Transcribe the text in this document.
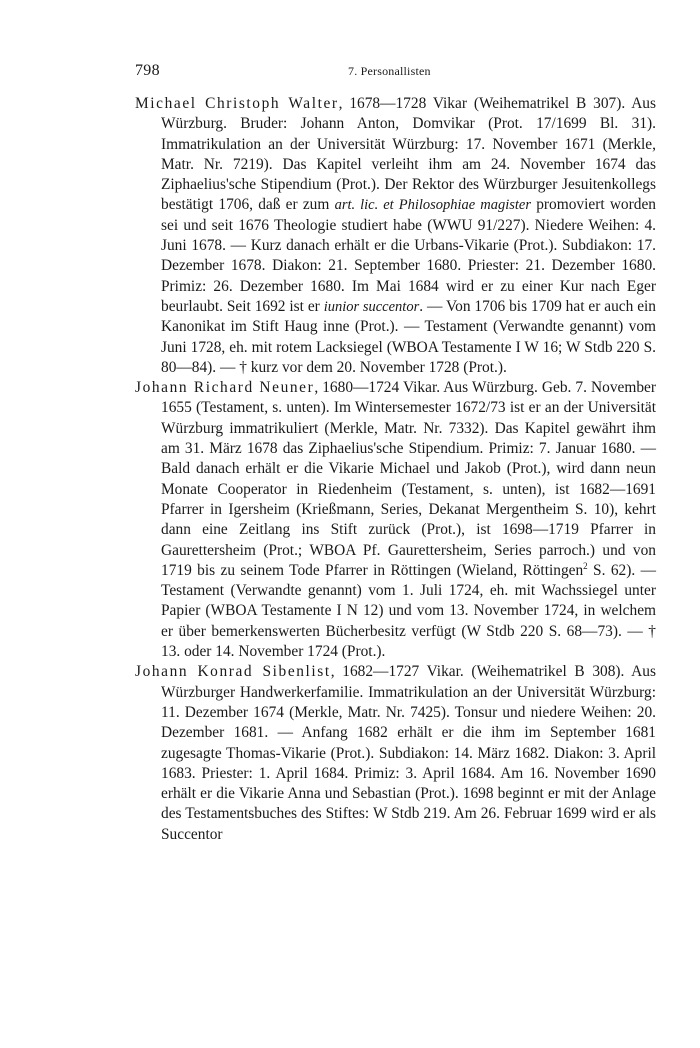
798	7. Personallisten

Michael Christoph Walter, 1678—1728 Vikar (Weihematrikel B 307). Aus Würzburg. Bruder: Johann Anton, Domvikar (Prot. 17/1699 Bl. 31). Immatrikulation an der Universität Würzburg: 17. November 1671 (Merkle, Matr. Nr. 7219). Das Kapitel verleiht ihm am 24. November 1674 das Ziphaelius'sche Stipendium (Prot.). Der Rektor des Würzburger Jesuitenkollegs bestätigt 1706, daß er zum art. lic. et Philosophiae magister promoviert worden sei und seit 1676 Theologie studiert habe (WWU 91/227). Niedere Weihen: 4. Juni 1678. — Kurz danach erhält er die Urbans-Vikarie (Prot.). Subdiakon: 17. Dezember 1678. Diakon: 21. September 1680. Priester: 21. Dezember 1680. Primiz: 26. Dezember 1680. Im Mai 1684 wird er zu einer Kur nach Eger beurlaubt. Seit 1692 ist er iunior succentor. — Von 1706 bis 1709 hat er auch ein Kanonikat im Stift Haug inne (Prot.). — Testament (Verwandte genannt) vom Juni 1728, eh. mit rotem Lacksiegel (WBOA Testamente I W 16; W Stdb 220 S. 80—84). — † kurz vor dem 20. November 1728 (Prot.).

Johann Richard Neuner, 1680—1724 Vikar. Aus Würzburg. Geb. 7. November 1655 (Testament, s. unten). Im Wintersemester 1672/73 ist er an der Universität Würzburg immatrikuliert (Merkle, Matr. Nr. 7332). Das Kapitel gewährt ihm am 31. März 1678 das Ziphaelius'sche Stipendium. Primiz: 7. Januar 1680. — Bald danach erhält er die Vikarie Michael und Jakob (Prot.), wird dann neun Monate Cooperator in Riedenheim (Testament, s. unten), ist 1682—1691 Pfarrer in Igersheim (Krießmann, Series, Dekanat Mergentheim S. 10), kehrt dann eine Zeitlang ins Stift zurück (Prot.), ist 1698—1719 Pfarrer in Gaurettersheim (Prot.; WBOA Pf. Gaurettersheim, Series parroch.) und von 1719 bis zu seinem Tode Pfarrer in Röttingen (Wieland, Röttingen$^2$ S. 62). — Testament (Verwandte genannt) vom 1. Juli 1724, eh. mit Wachssiegel unter Papier (WBOA Testamente I N 12) und vom 13. November 1724, in welchem er über bemerkenswerten Bücherbesitz verfügt (W Stdb 220 S. 68—73). — † 13. oder 14. November 1724 (Prot.).

Johann Konrad Sibenlist, 1682—1727 Vikar. (Weihematrikel B 308). Aus Würzburger Handwerkerfamilie. Immatrikulation an der Universität Würzburg: 11. Dezember 1674 (Merkle, Matr. Nr. 7425). Tonsur und niedere Weihen: 20. Dezember 1681. — Anfang 1682 erhält er die ihm im September 1681 zugesagte Thomas-Vikarie (Prot.). Subdiakon: 14. März 1682. Diakon: 3. April 1683. Priester: 1. April 1684. Primiz: 3. April 1684. Am 16. November 1690 erhält er die Vikarie Anna und Sebastian (Prot.). 1698 beginnt er mit der Anlage des Testamentsbuches des Stiftes: W Stdb 219. Am 26. Februar 1699 wird er als Succentor
